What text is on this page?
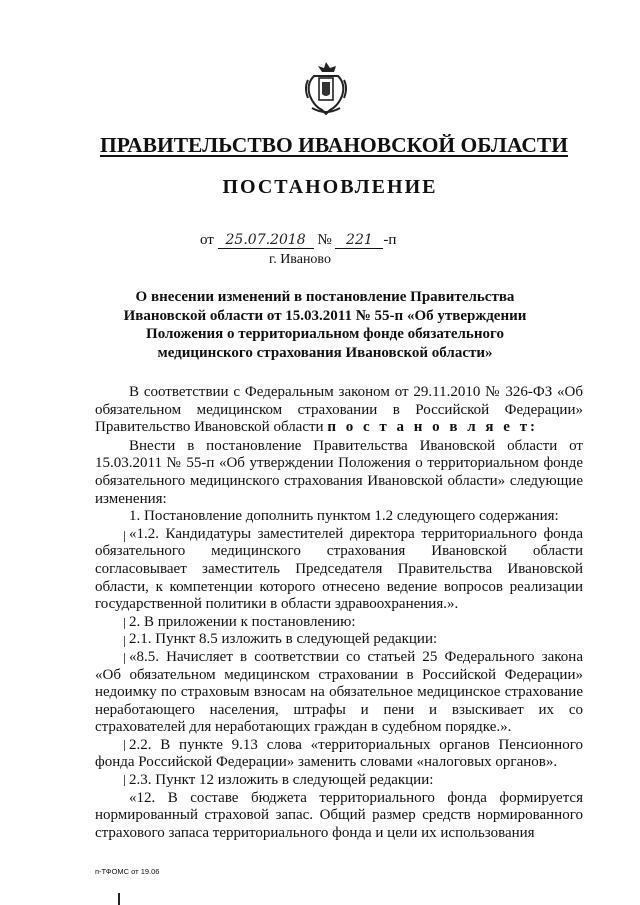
ПРАВИТЕЛЬСТВО ИВАНОВСКОЙ ОБЛАСТИ
ПОСТАНОВЛЕНИЕ
от 25.07.2018 № 221 -п
г. Иваново
О внесении изменений в постановление Правительства Ивановской области от 15.03.2011 № 55-п «Об утверждении Положения о территориальном фонде обязательного медицинского страхования Ивановской области»

В соответствии с Федеральным законом от 29.11.2010 № 326-ФЗ «Об обязательном медицинском страховании в Российской Федерации» Правительство Ивановской области п о с т а н о в л я е т:

Внести в постановление Правительства Ивановской области от 15.03.2011 № 55-п «Об утверждении Положения о территориальном фонде обязательного медицинского страхования Ивановской области» следующие изменения:

1. Постановление дополнить пунктом 1.2 следующего содержания:

«1.2. Кандидатуры заместителей директора территориального фонда обязательного медицинского страхования Ивановской области согласовывает заместитель Председателя Правительства Ивановской области, к компетенции которого отнесено ведение вопросов реализации государственной политики в области здравоохранения.».

2. В приложении к постановлению:

2.1. Пункт 8.5 изложить в следующей редакции:

«8.5. Начисляет в соответствии со статьей 25 Федерального закона «Об обязательном медицинском страховании в Российской Федерации» недоимку по страховым взносам на обязательное медицинское страхование неработающего населения, штрафы и пени и взыскивает их со страхователей для неработающих граждан в судебном порядке.».

2.2. В пункте 9.13 слова «территориальных органов Пенсионного фонда Российской Федерации» заменить словами «налоговых органов».

2.3. Пункт 12 изложить в следующей редакции:

«12. В составе бюджета территориального фонда формируется нормированный страховой запас. Общий размер средств нормированного страхового запаса территориального фонда и цели их использования

п-ТФОМС от 19.06
